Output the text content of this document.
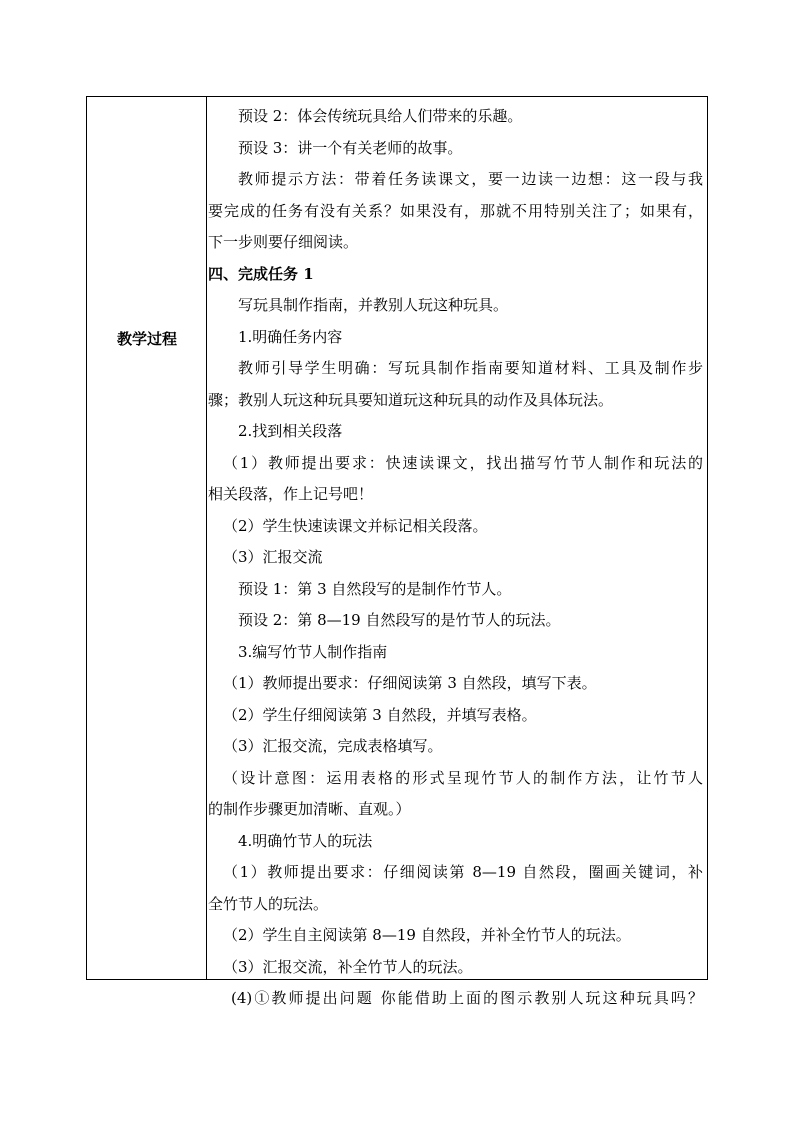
教学过程
预设 2：体会传统玩具给人们带来的乐趣。
预设 3：讲一个有关老师的故事。
教师提示方法：带着任务读课文，要一边读一边想：这一段与我
要完成的任务有没有关系？如果没有，那就不用特别关注了；如果有，
下一步则要仔细阅读。
四、完成任务 1
写玩具制作指南，并教别人玩这种玩具。
1.明确任务内容
教师引导学生明确：写玩具制作指南要知道材料、工具及制作步
骤；教别人玩这种玩具要知道玩这种玩具的动作及具体玩法。
2.找到相关段落
（1）教师提出要求：快速读课文，找出描写竹节人制作和玩法的
相关段落，作上记号吧！
（2）学生快速读课文并标记相关段落。
（3）汇报交流
预设 1：第 3 自然段写的是制作竹节人。
预设 2：第 8—19 自然段写的是竹节人的玩法。
3.编写竹节人制作指南
（1）教师提出要求：仔细阅读第 3 自然段，填写下表。
（2）学生仔细阅读第 3 自然段，并填写表格。
（3）汇报交流，完成表格填写。
（设计意图：运用表格的形式呈现竹节人的制作方法，让竹节人
的制作步骤更加清晰、直观。）
4.明确竹节人的玩法
（1）教师提出要求：仔细阅读第 8—19 自然段，圈画关键词，补
全竹节人的玩法。
（2）学生自主阅读第 8—19 自然段，并补全竹节人的玩法。
（3）汇报交流，补全竹节人的玩法。
(4)①教师提出问题 你能借助上面的图示教别人玩这种玩具吗？
